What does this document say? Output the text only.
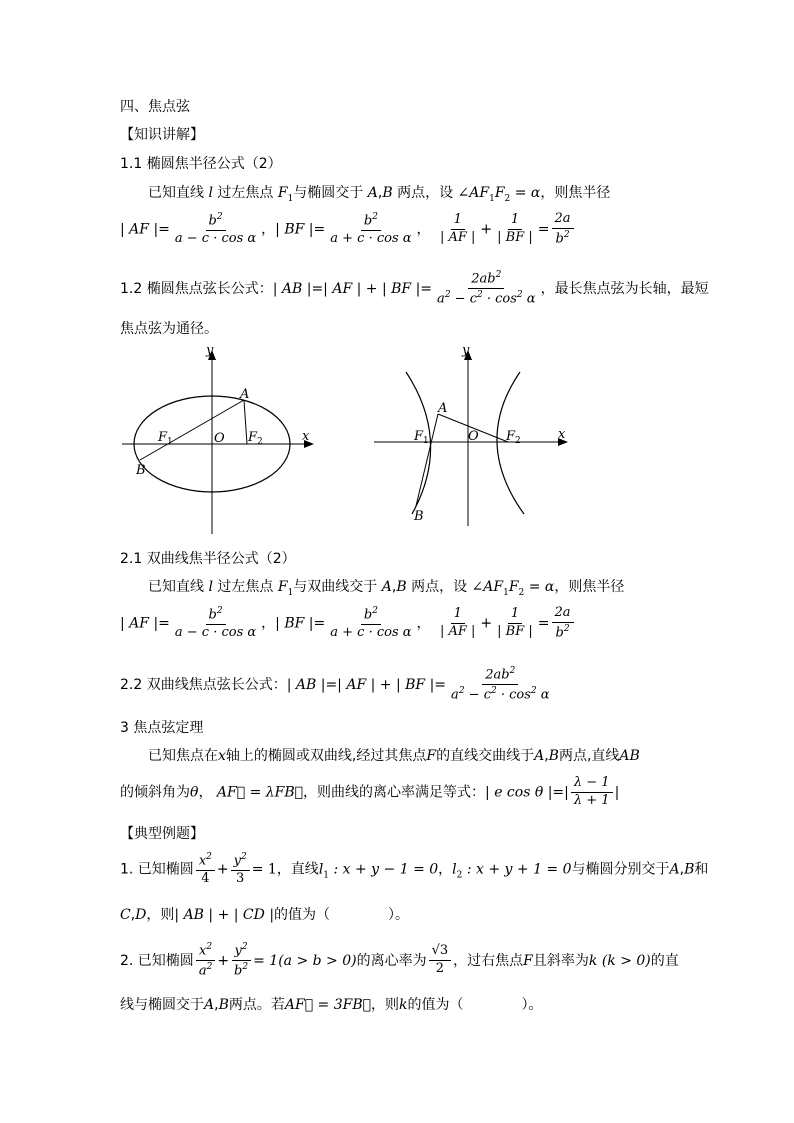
四、焦点弦
【知识讲解】
1.1 椭圆焦半径公式（2）
已知直线 l 过左焦点 $F_1$与椭圆交于 A,B 两点，设 $\angle AF_1F_2 = \alpha$，则焦半径
| AF |= $\frac{b^2}{\text{a − c · cos α}}$ ，| BF |= $\frac{b^2}{\text{a + c · cos α}}$ ， $\frac{1}{| AF |} + \frac{1}{| BF |} = \frac{2a}{b^2}$
1.2 椭圆焦点弦长公式：| AB |=| AF | + | BF |= $\frac{2ab^2}{a^2 - c^2 \cdot \cos^2 \alpha}$ ，最长焦点弦为长轴，最短
焦点弦为通径。
y
x
A
B
O
F 1	F 2
y
x
A
B
O
F 1	F 2
2.1 双曲线焦半径公式（2）
已知直线 l 过左焦点 $F_1$与双曲线交于 A,B 两点，设 $\angle AF_1F_2 = \alpha$，则焦半径
| AF |= $\frac{b^2}{\text{a − c · cos α}}$ ，| BF |= $\frac{b^2}{\text{a + c · cos α}}$ ， $\frac{1}{| AF |} + \frac{1}{| BF |} = \frac{2a}{b^2}$
2.2 双曲线焦点弦长公式：| AB |=| AF | + | BF |= $\frac{2ab^2}{a^2 - c^2 \cdot \cos^2 \alpha}$
3 焦点弦定理
已知焦点在x轴上的椭圆或双曲线,经过其焦点F的直线交曲线于A,B两点,直线AB
的倾斜角为θ， AF⃗ = λFB⃗，则曲线的离心率满足等式：| e cos θ |=| $\frac{\lambda - 1}{\lambda + 1}$ |
【典型例题】
1. 已知椭圆 $\frac{x^2}{4} + \frac{y^2}{3} = 1$，直线$l_1$ : x + y − 1 = 0，$l_2$ : x + y + 1 = 0与椭圆分别交于A,B和
C,D，则| AB | + | CD |的值为（	）。
2. 已知椭圆 $\frac{x^2}{a^2} + \frac{y^2}{b^2} = 1(a > b > 0)$的离心率为 $\frac{√3}{2}$ ，过右焦点F且斜率为k (k > 0)的直
线与椭圆交于A,B两点。若AF⃗ = 3FB⃗，则k的值为（	）。
